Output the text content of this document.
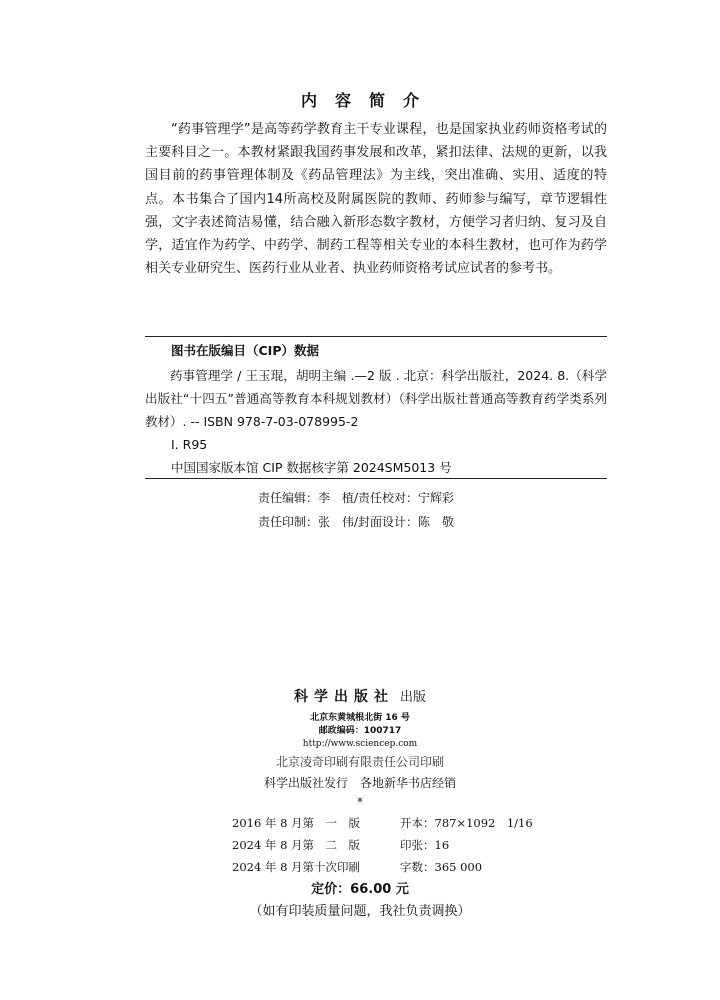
内 容 简 介

“药事管理学”是高等药学教育主干专业课程，也是国家执业药师资格考试的主要科目之一。本教材紧跟我国药事发展和改革，紧扣法律、法规的更新，以我国目前的药事管理体制及《药品管理法》为主线，突出准确、实用、适度的特点。本书集合了国内14所高校及附属医院的教师、药师参与编写，章节逻辑性强，文字表述简洁易懂，结合融入新形态数字教材，方便学习者归纳、复习及自学，适宜作为药学、中药学、制药工程等相关专业的本科生教材，也可作为药学相关专业研究生、医药行业从业者、执业药师资格考试应试者的参考书。

图书在版编目（CIP）数据
药事管理学 / 王玉琨，胡明主编 .—2 版 . 北京：科学出版社，2024. 8.（科学出版社“十四五”普通高等教育本科规划教材）（科学出版社普通高等教育药学类系列教材）. -- ISBN 978-7-03-078995-2
Ⅰ. R95
中国国家版本馆 CIP 数据核字第 2024SM5013 号
责任编辑：李　植/责任校对：宁辉彩
责任印制：张　伟/封面设计：陈　敬
科学出版社 出版
北京东黄城根北街 16 号
邮政编码：100717
http://www.sciencep.com
北京凌奇印刷有限责任公司印刷
科学出版社发行　各地新华书店经销
*
2016 年 8 月第　一　版	开本：787×1092　1/16
2024 年 8 月第　二　版	印张：16
2024 年 8 月第十次印刷	字数：365 000
定价：66.00 元
（如有印装质量问题，我社负责调换）
